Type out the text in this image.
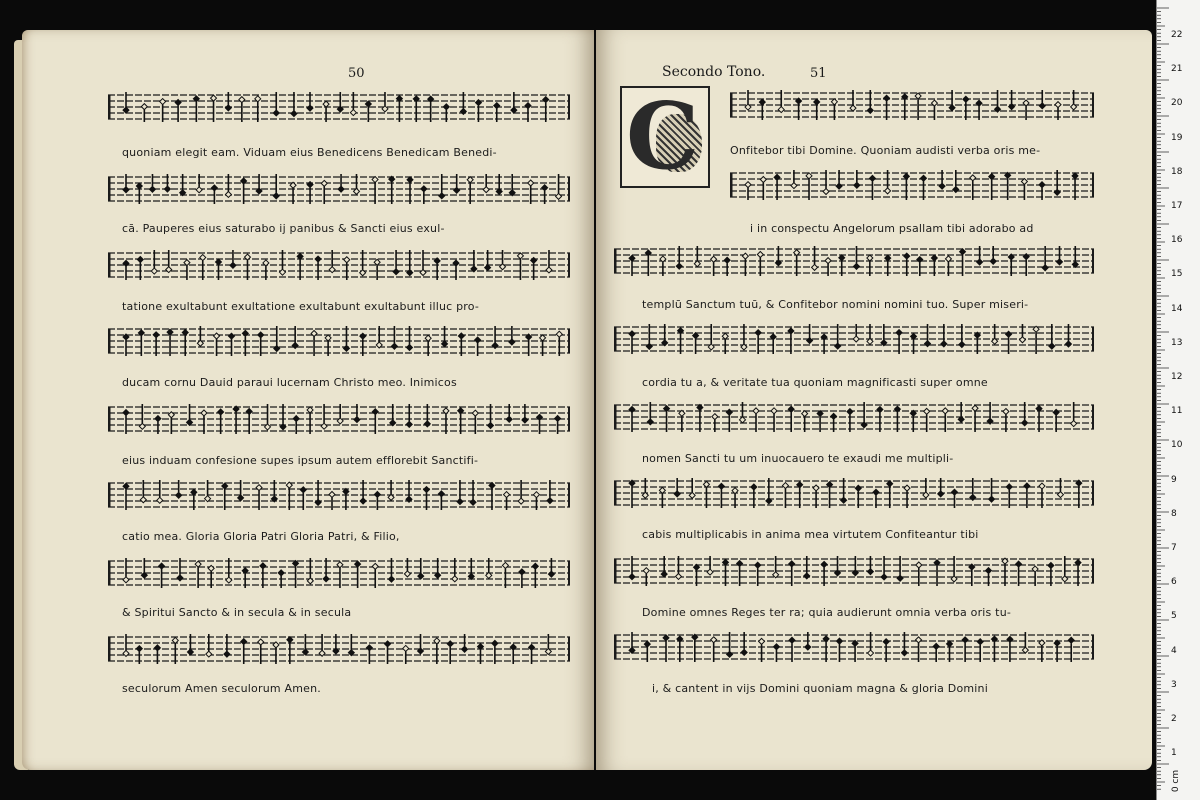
50
quoniam elegit eam. Viduam eius Benedicens Benedicam Benedi-
cā. Pauperes eius saturabo ij panibus & Sancti eius exul-
tatione exultabunt exultatione exultabunt exultabunt illuc pro-
ducam cornu Dauid paraui lucernam Christo meo. Inimicos
eius induam confesione supes ipsum autem efflorebit Sanctifi-
catio mea. Gloria Gloria Patri Gloria Patri, & Filio,
& Spiritui Sancto & in secula & in secula
seculorum Amen seculorum Amen.
Secondo Tono.	51
C	Onfitebor tibi Domine. Quoniam audisti verba oris me-
i in conspectu Angelorum psallam tibi adorabo ad
templū Sanctum tuū, & Confitebor nomini nomini tuo. Super miseri-
cordia tu a, & veritate tua quoniam magnificasti super omne
nomen Sancti tu um inuocauero te exaudi me multipli-
cabis multiplicabis in anima mea virtutem Confiteantur tibi
Domine omnes Reges ter ra; quia audierunt omnia verba oris tu-
i, & cantent in vijs Domini quoniam magna & gloria Domini
22
21
20
19
18
17
16
15
14
13
12
11
10
9
8
7
6
5
4
3
2
1
0 cm
